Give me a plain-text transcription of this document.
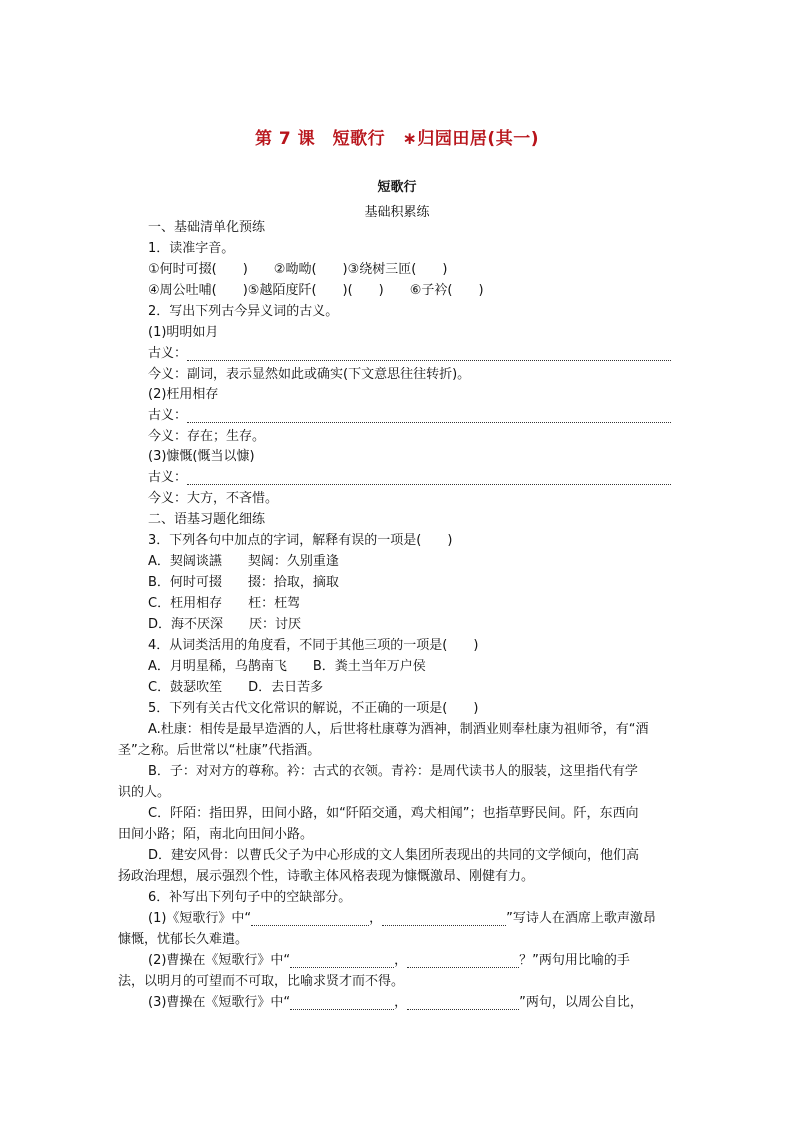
第 7 课　短歌行　∗归园田居(其一)
短歌行
基础积累练
一、基础清单化预练
1．读准字音。
①何时可掇(　　)　　②呦呦(　　)③绕树三匝(　　)
④周公吐哺(　　)⑤越陌度阡(　　)(　　)　　⑥子衿(　　)
2．写出下列古今异义词的古义。
(1)明明如月
古义：
今义：副词，表示显然如此或确实(下文意思往往转折)。
(2)枉用相存
古义：
今义：存在；生存。
(3)慷慨(慨当以慷)
古义：
今义：大方，不吝惜。
二、语基习题化细练
3．下列各句中加点的字词，解释有误的一项是(　　)
A．契阔谈讌　　契阔：久别重逢
B．何时可掇　　掇：拾取，摘取
C．枉用相存　　枉：枉驾
D．海不厌深　　厌：讨厌
4．从词类活用的角度看，不同于其他三项的一项是(　　)
A．月明星稀，乌鹊南飞　　B．粪土当年万户侯
C．鼓瑟吹笙　　D．去日苦多
5．下列有关古代文化常识的解说，不正确的一项是(　　)
A.杜康：相传是最早造酒的人，后世将杜康尊为酒神，制酒业则奉杜康为祖师爷，有“酒
圣”之称。后世常以“杜康”代指酒。
B．子：对对方的尊称。衿：古式的衣领。青衿：是周代读书人的服装，这里指代有学
识的人。
C．阡陌：指田界，田间小路，如“阡陌交通，鸡犬相闻”；也指草野民间。阡，东西向
田间小路；陌，南北向田间小路。
D．建安风骨：以曹氏父子为中心形成的文人集团所表现出的共同的文学倾向，他们高
扬政治理想，展示强烈个性，诗歌主体风格表现为慷慨激昂、刚健有力。
6．补写出下列句子中的空缺部分。
(1)《短歌行》中“	，	”写诗人在酒席上歌声激昂
慷慨，忧郁长久难遣。
(2)曹操在《短歌行》中“	，	？”两句用比喻的手
法，以明月的可望而不可取，比喻求贤才而不得。
(3)曹操在《短歌行》中“	，	”两句，以周公自比，
